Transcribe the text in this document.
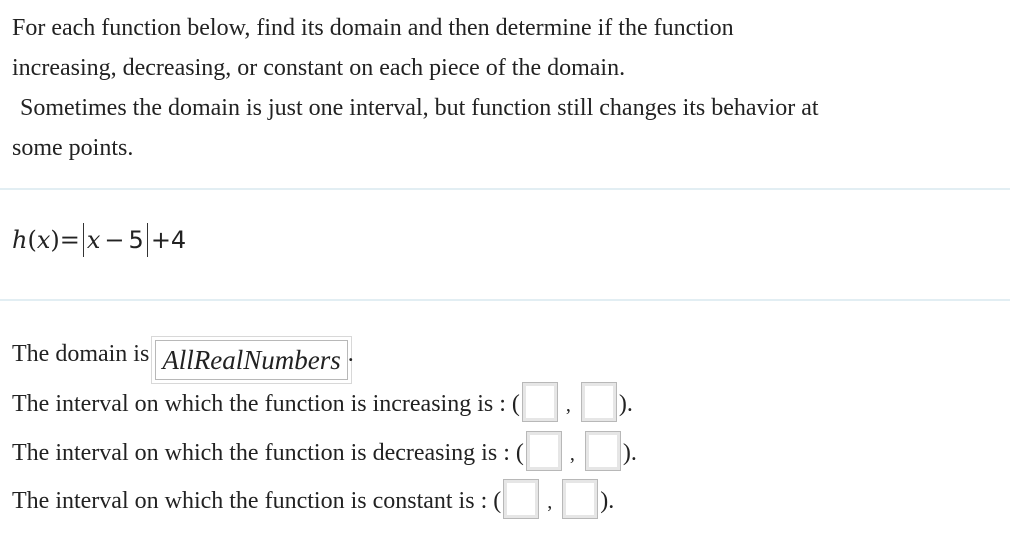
For each function below, find its domain and then determine if the function

increasing, decreasing, or constant on each piece of the domain.

Sometimes the domain is just one interval, but function still changes its behavior at

some points.

h(x)= x − 5 +4
The domain is AllRealNumbers .
The interval on which the function is increasing is : ( , ).
The interval on which the function is decreasing is : ( , ).
The interval on which the function is constant is : ( , ).
